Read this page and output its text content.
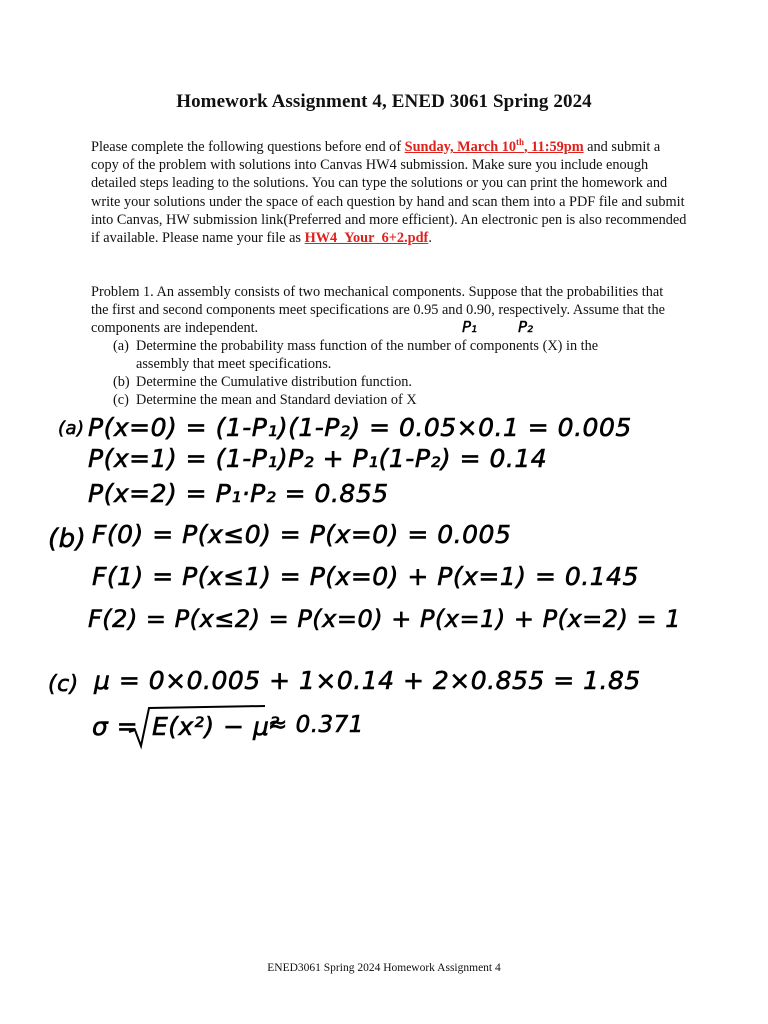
Homework Assignment 4, ENED 3061 Spring 2024

Please complete the following questions before end of Sunday, March 10th, 11:59pm and submit a copy of the problem with solutions into Canvas HW4 submission. Make sure you include enough detailed steps leading to the solutions. You can type the solutions or you can print the homework and write your solutions under the space of each question by hand and scan them into a PDF file and submit into Canvas, HW submission link(Preferred and more efficient). An electronic pen is also recommended if available. Please name your file as HW4_Your_6+2.pdf.

Problem 1. An assembly consists of two mechanical components. Suppose that the probabilities that the first and second components meet specifications are 0.95 and 0.90, respectively. Assume that the components are independent.

(a) Determine the probability mass function of the number of components (X) in the
assembly that meet specifications.
(b) Determine the Cumulative distribution function.
(c) Determine the mean and Standard deviation of X
P₁	P₂
(a) P(x=0) = (1-P₁)(1-P₂) = 0.05×0.1 = 0.005
P(x=1) = (1-P₁)P₂ + P₁(1-P₂) = 0.14
P(x=2) = P₁·P₂ = 0.855
(b) F(0) = P(x≤0) = P(x=0) = 0.005
F(1) = P(x≤1) = P(x=0) + P(x=1) = 0.145
F(2) = P(x≤2) = P(x=0) + P(x=1) + P(x=2) = 1
(c) μ = 0×0.005 + 1×0.14 + 2×0.855 = 1.85
σ = E(x²) − μ²
≈ 0.371
ENED3061 Spring 2024 Homework Assignment 4
